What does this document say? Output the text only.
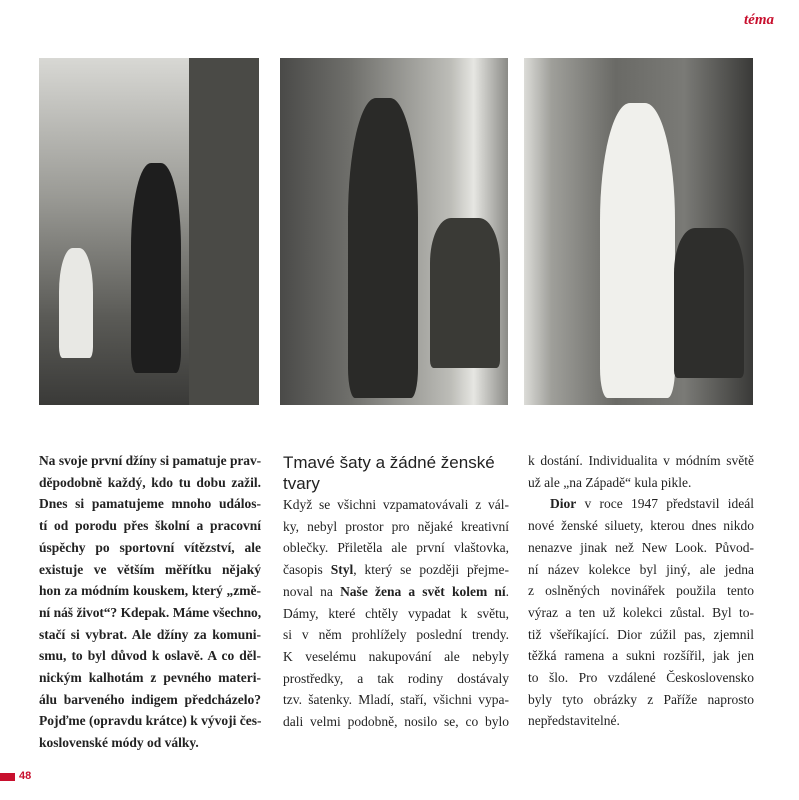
téma
Na svoje první džíny si pamatuje prav-
děpodobně každý, kdo tu dobu zažil.
Dnes si pamatujeme mnoho událos-
tí od porodu přes školní a pracovní
úspěchy po sportovní vítězství, ale
existuje ve větším měřítku nějaký
hon za módním kouskem, který „změ-
ní náš život“? Kdepak. Máme všechno,
stačí si vybrat. Ale džíny za komuni-
smu, to byl důvod k oslavě. A co děl-
nickým kalhotám z pevného materi-
álu barveného indigem předcházelo?
Pojďme (opravdu krátce) k vývoji čes-
koslovenské módy od války.
Tmavé šaty a žádné ženské tvary
Když se všichni vzpamatovávali z vál-
ky, nebyl prostor pro nějaké kreativní
oblečky. Přiletěla ale první vlaštovka,
časopis Styl, který se později přejme-
noval na Naše žena a svět kolem ní.
Dámy, které chtěly vypadat k světu,
si v něm prohlížely poslední trendy.
K veselému nakupování ale nebyly
prostředky, a tak rodiny dostávaly
tzv. šatenky. Mladí, staří, všichni vypa-
dali velmi podobně, nosilo se, co bylo
k dostání. Individualita v módním světě
už ale „na Západě“ kula pikle.
Dior v roce 1947 představil ideál
nové ženské siluety, kterou dnes nikdo
nenazve jinak než New Look. Původ-
ní název kolekce byl jiný, ale jedna
z oslněných novinářek použila tento
výraz a ten už kolekci zůstal. Byl to-
tiž všeříkající. Dior zúžil pas, zjemnil
těžká ramena a sukni rozšířil, jak jen
to šlo. Pro vzdálené Československo
byly tyto obrázky z Paříže naprosto
nepředstavitelné.
48
